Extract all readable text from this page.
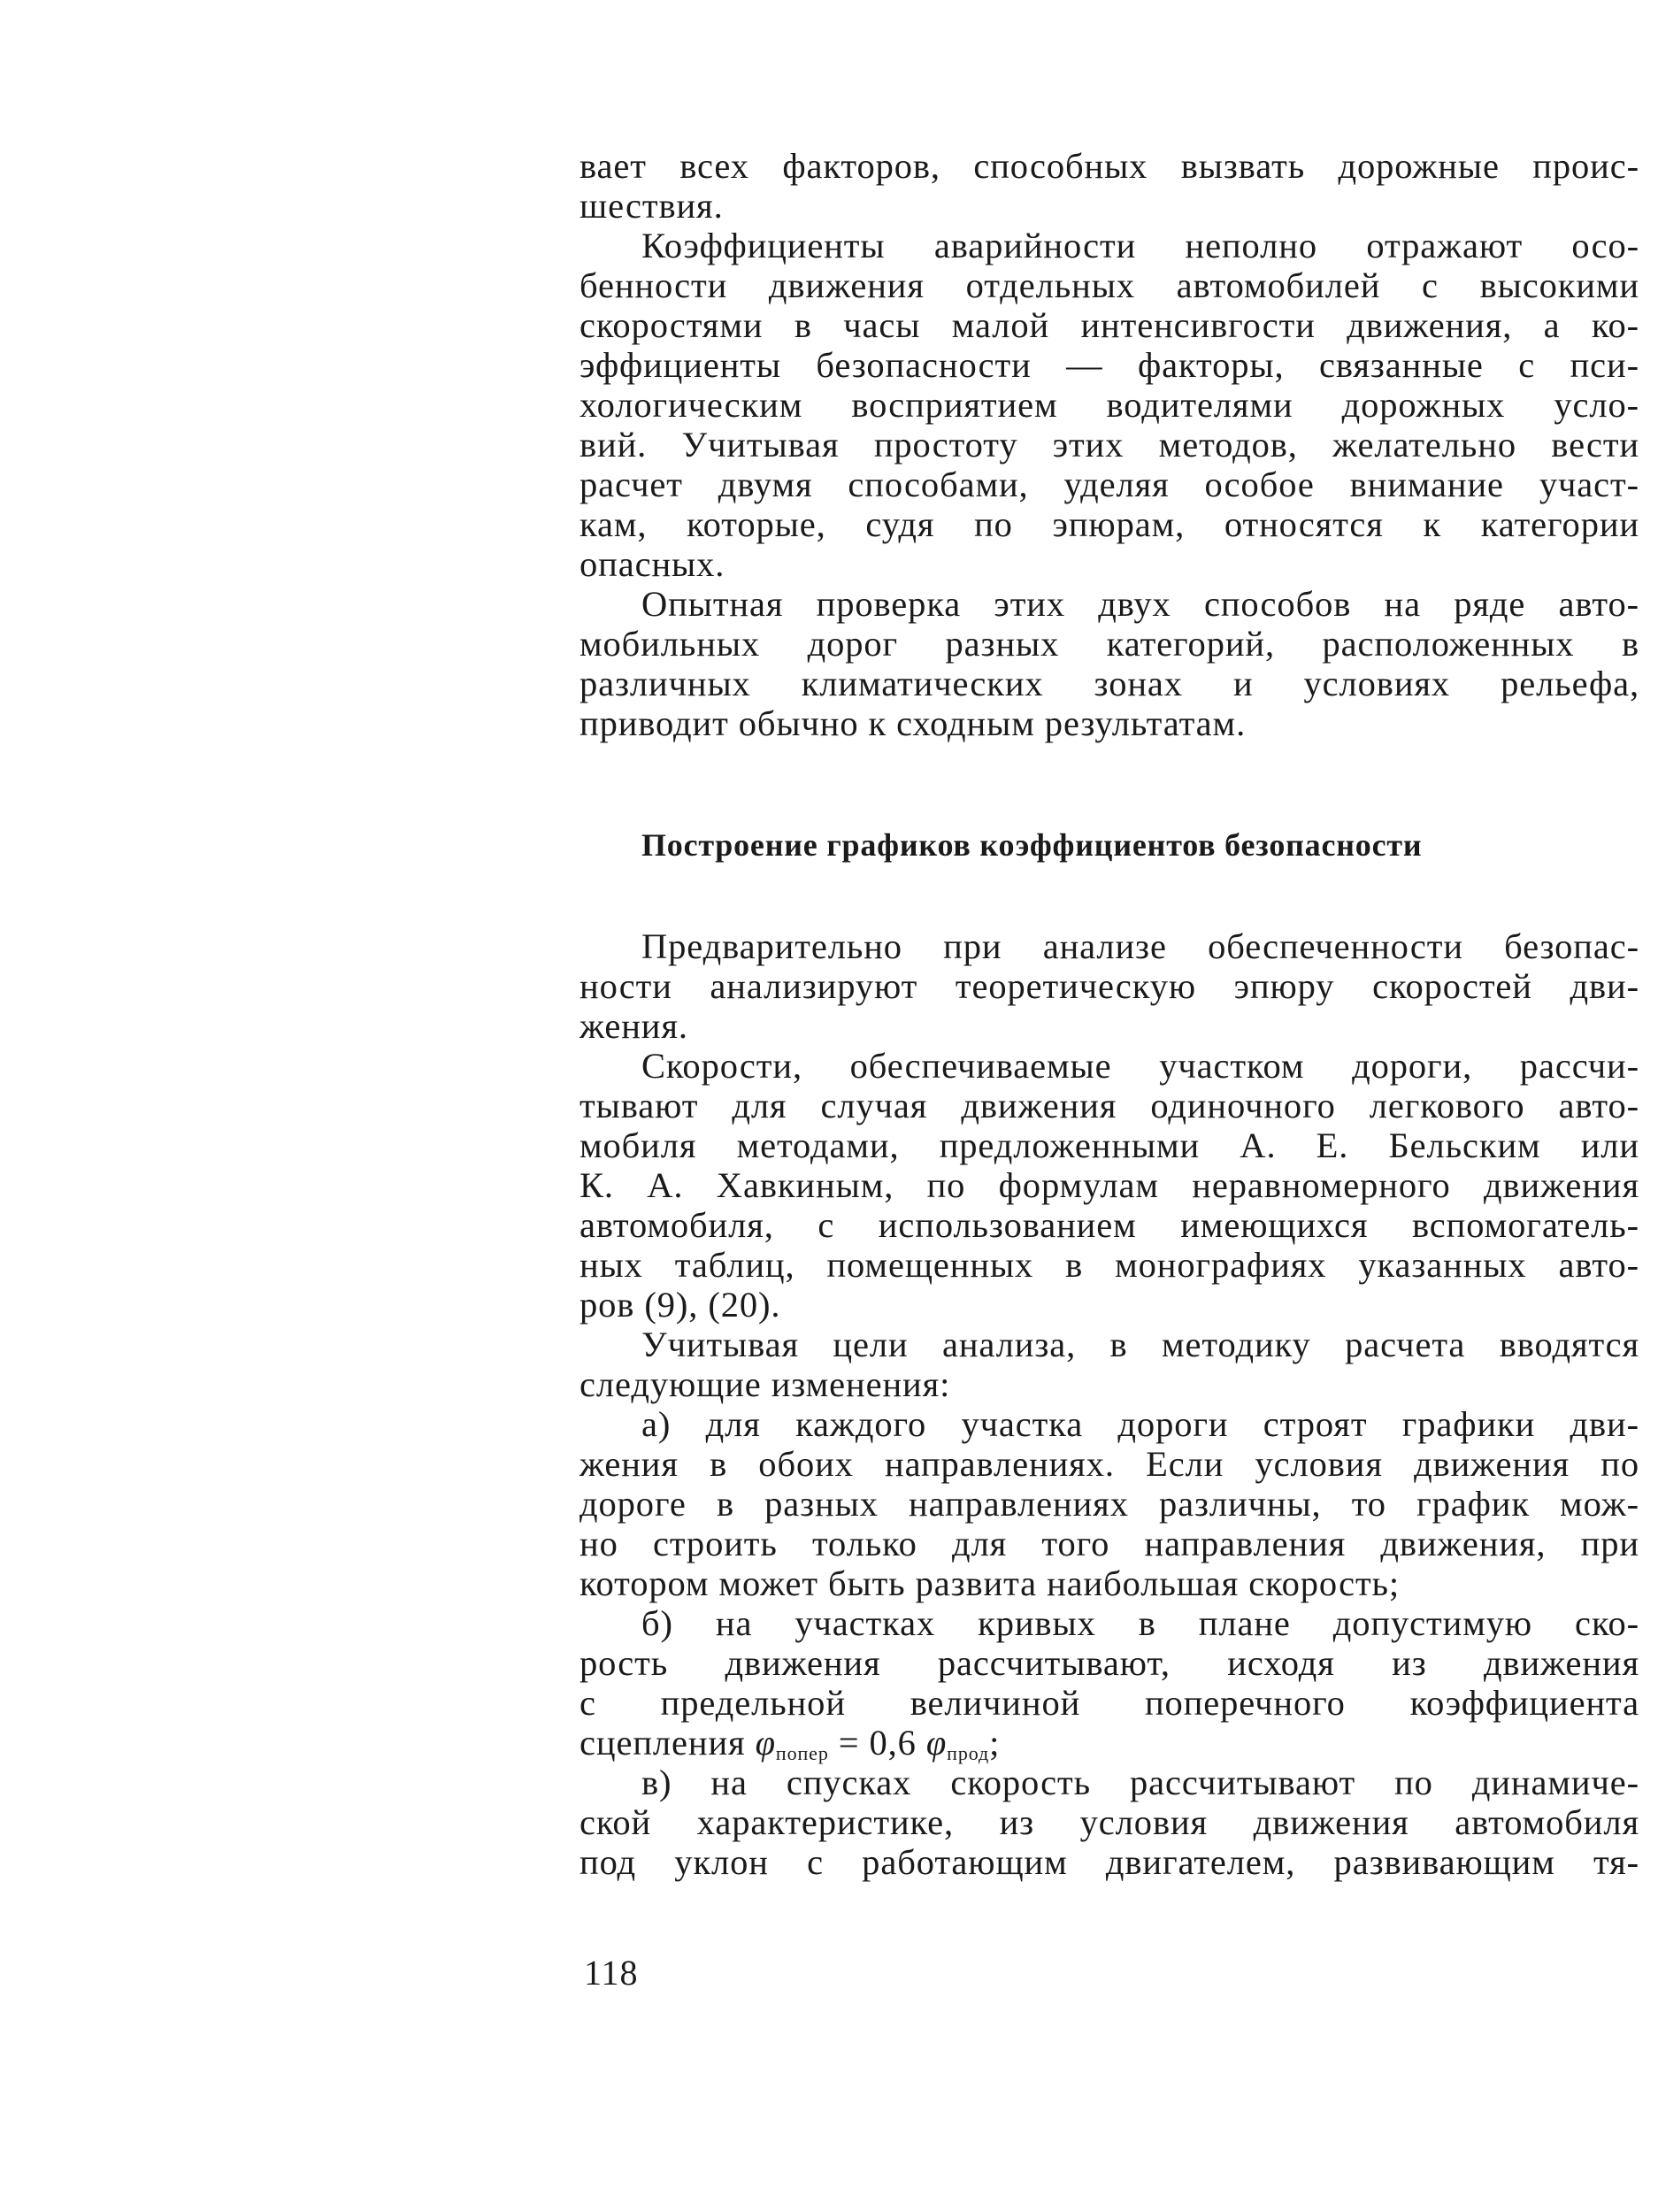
вает всех факторов, способных вызвать дорожные проис-
шествия.
Коэффициенты аварийности неполно отражают осо-
бенности движения отдельных автомобилей с высокими
скоростями в часы малой интенсивгости движения, а ко-
эффициенты безопасности — факторы, связанные с пси-
хологическим восприятием водителями дорожных усло-
вий. Учитывая простоту этих методов, желательно вести
расчет двумя способами, уделяя особое внимание участ-
кам, которые, судя по эпюрам, относятся к категории
опасных.
Опытная проверка этих двух способов на ряде авто-
мобильных дорог разных категорий, расположенных в
различных климатических зонах и условиях рельефа,
приводит обычно к сходным результатам.
Построение графиков коэффициентов безопасности
Предварительно при анализе обеспеченности безопас-
ности анализируют теоретическую эпюру скоростей дви-
жения.
Скорости, обеспечиваемые участком дороги, рассчи-
тывают для случая движения одиночного легкового авто-
мобиля методами, предложенными А. Е. Бельским или
К. А. Хавкиным, по формулам неравномерного движения
автомобиля, с использованием имеющихся вспомогатель-
ных таблиц, помещенных в монографиях указанных авто-
ров (9), (20).
Учитывая цели анализа, в методику расчета вводятся
следующие изменения:
а) для каждого участка дороги строят графики дви-
жения в обоих направлениях. Если условия движения по
дороге в разных направлениях различны, то график мож-
но строить только для того направления движения, при
котором может быть развита наибольшая скорость;
б) на участках кривых в плане допустимую ско-
рость движения рассчитывают, исходя из движения
с предельной величиной поперечного коэффициента
сцепления $\varphi_{попер} = 0,6$ $\varphi_{прод}$;
в) на спусках скорость рассчитывают по динамиче-
ской характеристике, из условия движения автомобиля
под уклон с работающим двигателем, развивающим тя-
118
